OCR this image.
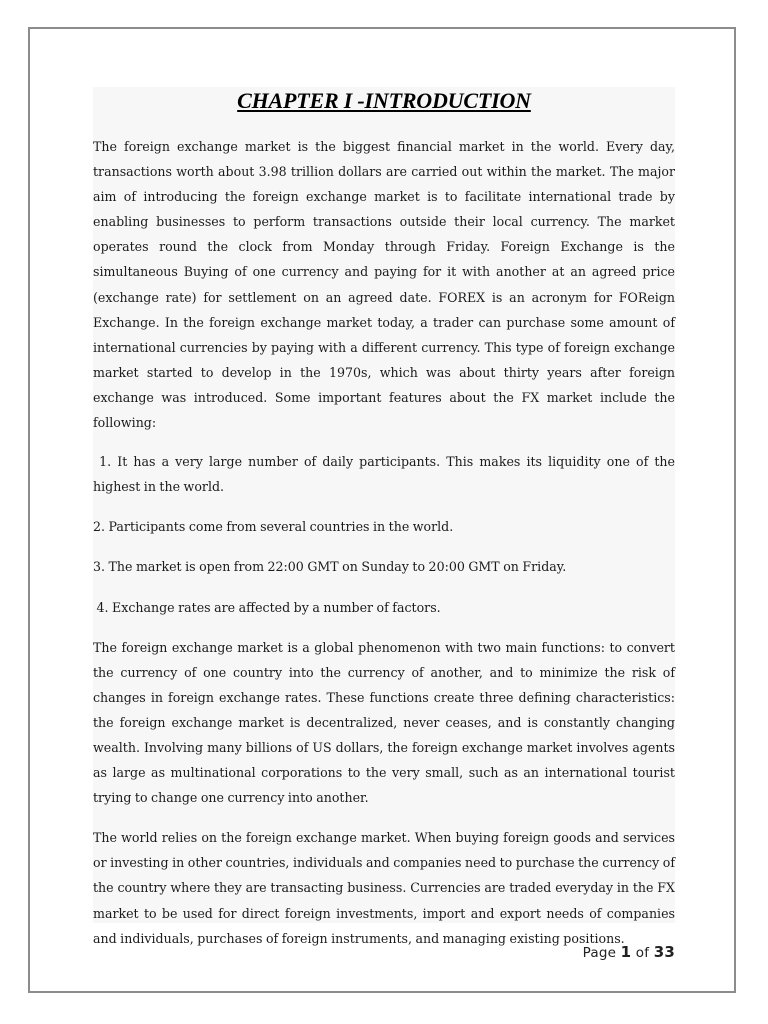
CHAPTER I -INTRODUCTION

The foreign exchange market is the biggest financial market in the world. Every day, transactions worth about 3.98 trillion dollars are carried out within the market. The major aim of introducing the foreign exchange market is to facilitate international trade by enabling businesses to perform transactions outside their local currency. The market operates round the clock from Monday through Friday. Foreign Exchange is the simultaneous Buying of one currency and paying for it with another at an agreed price (exchange rate) for settlement on an agreed date. FOREX is an acronym for FOReign Exchange. In the foreign exchange market today, a trader can purchase some amount of international currencies by paying with a different currency. This type of foreign exchange market started to develop in the 1970s, which was about thirty years after foreign exchange was introduced. Some important features about the FX market include the following:

1. It has a very large number of daily participants. This makes its liquidity one of the highest in the world.

2. Participants come from several countries in the world.

3. The market is open from 22:00 GMT on Sunday to 20:00 GMT on Friday.

4. Exchange rates are affected by a number of factors.

The foreign exchange market is a global phenomenon with two main functions: to convert the currency of one country into the currency of another, and to minimize the risk of changes in foreign exchange rates. These functions create three defining characteristics: the foreign exchange market is decentralized, never ceases, and is constantly changing wealth. Involving many billions of US dollars, the foreign exchange market involves agents as large as multinational corporations to the very small, such as an international tourist trying to change one currency into another.

The world relies on the foreign exchange market. When buying foreign goods and services or investing in other countries, individuals and companies need to purchase the currency of the country where they are transacting business. Currencies are traded everyday in the FX market to be used for direct foreign investments, import and export needs of companies and individuals, purchases of foreign instruments, and managing existing positions.

Page 1 of 33
